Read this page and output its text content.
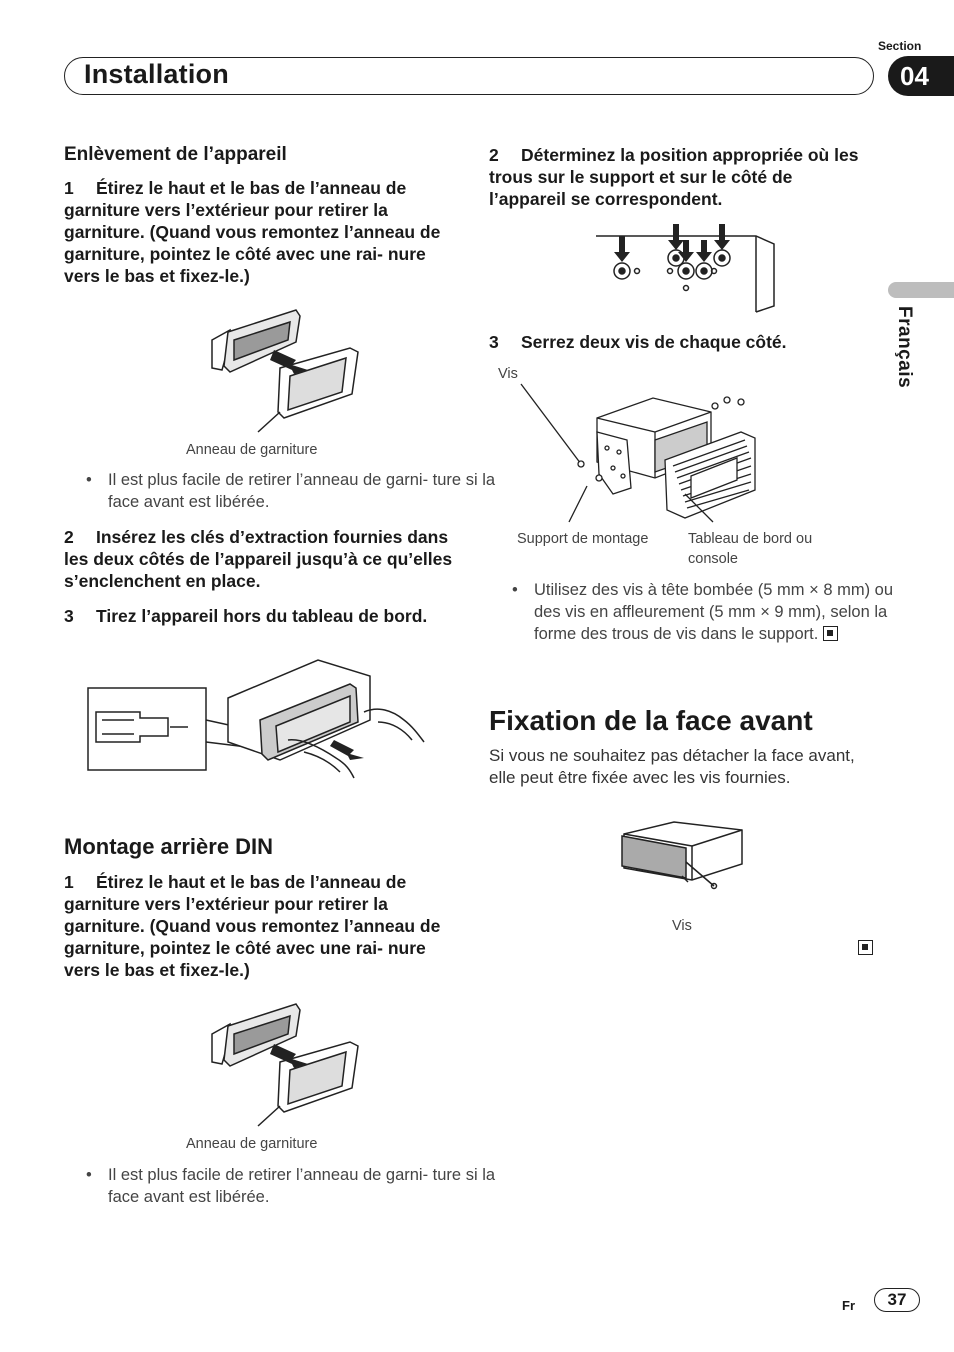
Section
Installation	04
Français
Enlèvement de l’appareil
1 Étirez le haut et le bas de l’anneau de garniture vers l’extérieur pour retirer la garniture. (Quand vous remontez l’anneau de garniture, pointez le côté avec une rai- nure vers le bas et fixez-le.)
Anneau de garniture
• Il est plus facile de retirer l’anneau de garni- ture si la face avant est libérée.
2 Insérez les clés d’extraction fournies dans les deux côtés de l’appareil jusqu’à ce qu’elles s’enclenchent en place.
3 Tirez l’appareil hors du tableau de bord.
Montage arrière DIN
1 Étirez le haut et le bas de l’anneau de garniture vers l’extérieur pour retirer la garniture. (Quand vous remontez l’anneau de garniture, pointez le côté avec une rai- nure vers le bas et fixez-le.)
Anneau de garniture
• Il est plus facile de retirer l’anneau de garni- ture si la face avant est libérée.
2 Déterminez la position appropriée où les trous sur le support et sur le côté de l’appareil se correspondent.
3 Serrez deux vis de chaque côté.
Vis
Support de montage	Tableau de bord ou console
• Utilisez des vis à tête bombée (5 mm × 8 mm) ou des vis en affleurement (5 mm × 9 mm), selon la forme des trous de vis dans le support.
Fixation de la face avant
Si vous ne souhaitez pas détacher la face avant, elle peut être fixée avec les vis fournies.
Vis
Fr	37
